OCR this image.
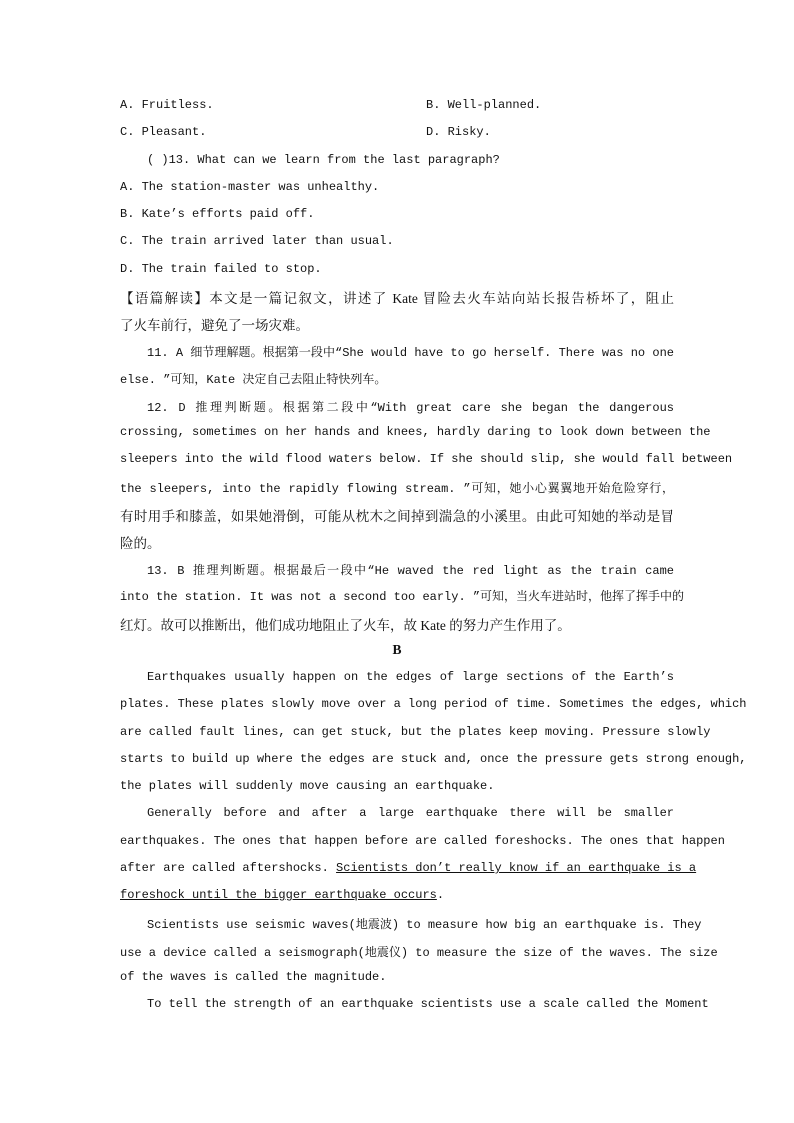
A. Fruitless.	B. Well-planned.
C. Pleasant.	D. Risky.
( )13. What can we learn from the last paragraph?
A. The station-master was unhealthy.
B. Kate’s efforts paid off.
C. The train arrived later than usual.
D. The train failed to stop.
【语篇解读】本文是一篇记叙文，讲述了 Kate 冒险去火车站向站长报告桥坏了，阻止
了火车前行，避免了一场灾难。
11. A 细节理解题。根据第一段中“She would have to go herself. There was no one
else. ”可知，Kate 决定自己去阻止特快列车。
12. D 推理判断题。根据第二段中“With great care she began the dangerous
crossing, sometimes on her hands and knees, hardly daring to look down between the
sleepers into the wild flood waters below. If she should slip, she would fall between
the sleepers, into the rapidly flowing stream. ”可知，她小心翼翼地开始危险穿行，
有时用手和膝盖，如果她滑倒，可能从枕木之间掉到湍急的小溪里。由此可知她的举动是冒
险的。
13. B 推理判断题。根据最后一段中“He waved the red light as the train came
into the station. It was not a second too early. ”可知，当火车进站时，他挥了挥手中的
红灯。故可以推断出，他们成功地阻止了火车，故 Kate 的努力产生作用了。
B
Earthquakes usually happen on the edges of large sections of the Earth’s
plates. These plates slowly move over a long period of time. Sometimes the edges, which
are called fault lines, can get stuck, but the plates keep moving. Pressure slowly
starts to build up where the edges are stuck and, once the pressure gets strong enough,
the plates will suddenly move causing an earthquake.
Generally before and after a large earthquake there will be smaller
earthquakes. The ones that happen before are called foreshocks. The ones that happen
after are called aftershocks. Scientists don’t really know if an earthquake is a
foreshock until the bigger earthquake occurs.
Scientists use seismic waves(地震波) to measure how big an earthquake is. They
use a device called a seismograph(地震仪) to measure the size of the waves. The size
of the waves is called the magnitude.
To tell the strength of an earthquake scientists use a scale called the Moment
